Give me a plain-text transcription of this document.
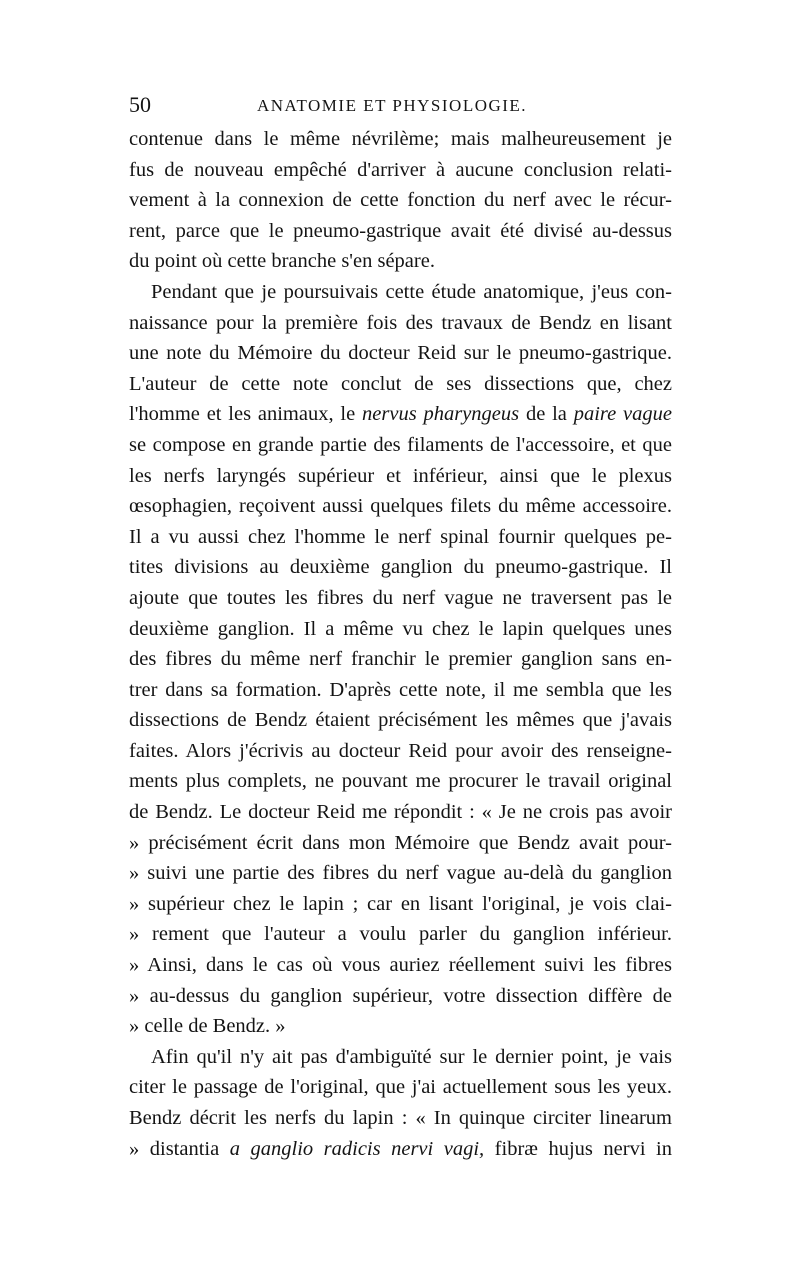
50	ANATOMIE ET PHYSIOLOGIE.
contenue dans le même névrilème; mais malheureusement je
fus de nouveau empêché d'arriver à aucune conclusion relati-
vement à la connexion de cette fonction du nerf avec le récur-
rent, parce que le pneumo-gastrique avait été divisé au-dessus
du point où cette branche s'en sépare.
Pendant que je poursuivais cette étude anatomique, j'eus con-
naissance pour la première fois des travaux de Bendz en lisant
une note du Mémoire du docteur Reid sur le pneumo-gastrique.
L'auteur de cette note conclut de ses dissections que, chez
l'homme et les animaux, le nervus pharyngeus de la paire vague
se compose en grande partie des filaments de l'accessoire, et que
les nerfs laryngés supérieur et inférieur, ainsi que le plexus
œsophagien, reçoivent aussi quelques filets du même accessoire.
Il a vu aussi chez l'homme le nerf spinal fournir quelques pe-
tites divisions au deuxième ganglion du pneumo-gastrique. Il
ajoute que toutes les fibres du nerf vague ne traversent pas le
deuxième ganglion. Il a même vu chez le lapin quelques unes
des fibres du même nerf franchir le premier ganglion sans en-
trer dans sa formation. D'après cette note, il me sembla que les
dissections de Bendz étaient précisément les mêmes que j'avais
faites. Alors j'écrivis au docteur Reid pour avoir des renseigne-
ments plus complets, ne pouvant me procurer le travail original
de Bendz. Le docteur Reid me répondit : « Je ne crois pas avoir
» précisément écrit dans mon Mémoire que Bendz avait pour-
» suivi une partie des fibres du nerf vague au-delà du ganglion
» supérieur chez le lapin ; car en lisant l'original, je vois clai-
» rement que l'auteur a voulu parler du ganglion inférieur.
» Ainsi, dans le cas où vous auriez réellement suivi les fibres
» au-dessus du ganglion supérieur, votre dissection diffère de
» celle de Bendz. »
Afin qu'il n'y ait pas d'ambiguïté sur le dernier point, je vais
citer le passage de l'original, que j'ai actuellement sous les yeux.
Bendz décrit les nerfs du lapin : « In quinque circiter linearum
» distantia a ganglio radicis nervi vagi, fibræ hujus nervi in
